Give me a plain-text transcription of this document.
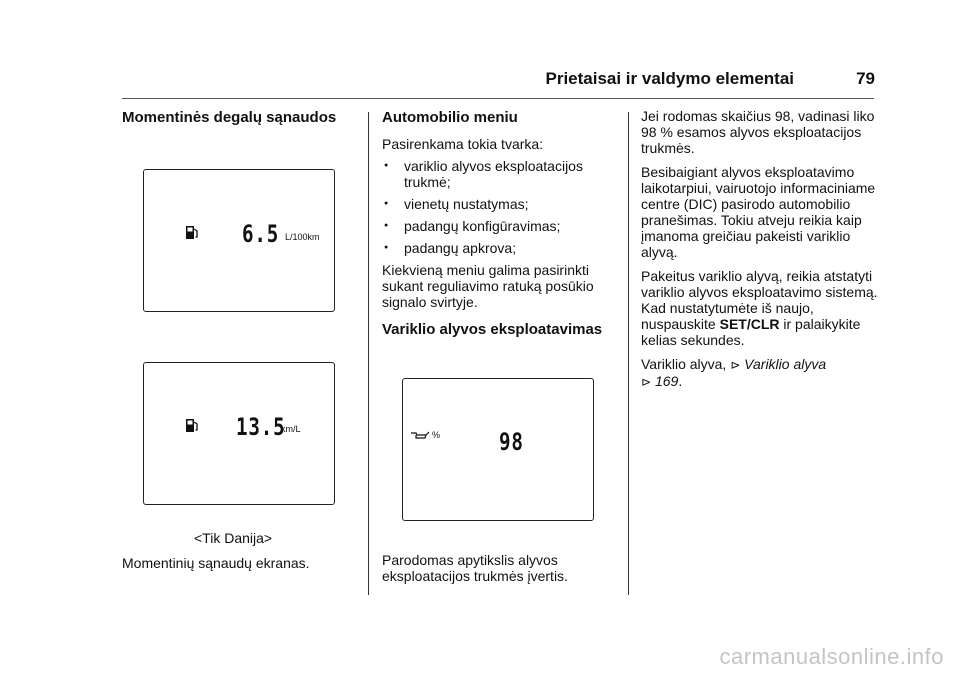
Prietaisai ir valdymo elementai	79
Momentinės degalų sąnaudos
6.5 L/100km
13.5
km/L
<Tik Danija>
Momentinių sąnaudų ekranas.
Automobilio meniu

Pasirenkama tokia tvarka:

● variklio alyvos eksploatacijos trukmė;
● vienetų nustatymas;
● padangų konfigūravimas;
● padangų apkrova;

Kiekvieną meniu galima pasirinkti sukant reguliavimo ratuką posūkio signalo svirtyje.

Variklio alyvos eksploatavimas
% 98
Parodomas apytikslis alyvos eksploatacijos trukmės įvertis.

Jei rodomas skaičius 98, vadinasi liko 98 % esamos alyvos eksploatacijos trukmės.

Besibaigiant alyvos eksploatavimo laikotarpiui, vairuotojo informaciniame centre (DIC) pasirodo automobilio pranešimas. Tokiu atveju reikia kaip įmanoma greičiau pakeisti variklio alyvą.

Pakeitus variklio alyvą, reikia atstatyti variklio alyvos eksploatavimo sistemą. Kad nustatytumėte iš naujo, nuspauskite SET/CLR ir palaikykite kelias sekundes.

Variklio alyva, ⊳ Variklio alyva
⊳ 169.

carmanualsonline.info
